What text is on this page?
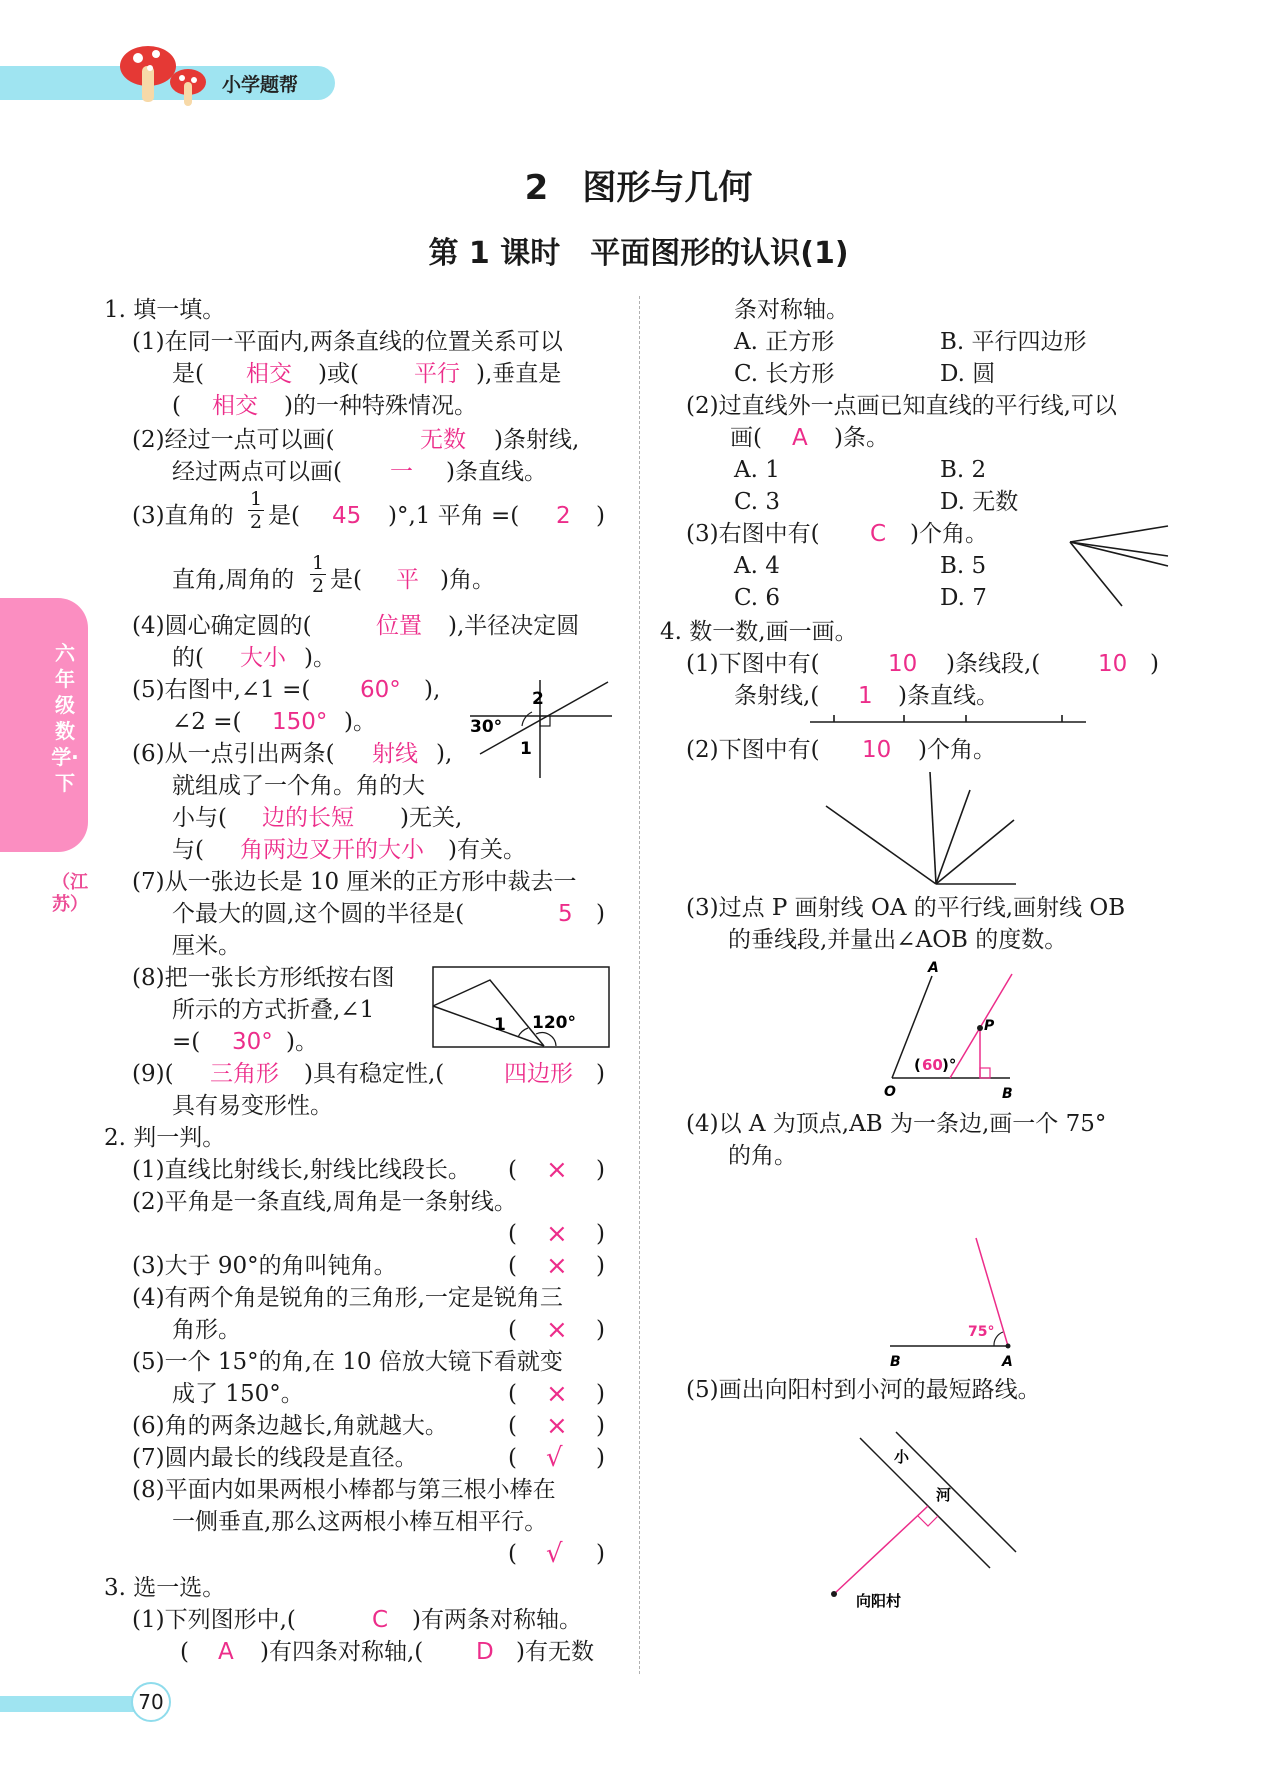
小学题帮
六年级数学·下
（江苏）
2　图形与几何
第 1 课时　平面图形的认识(1)
1. 填一填。
(1)在同一平面内,两条直线的位置关系可以
是( 相交 )或( 平行 ),垂直是
( 相交 )的一种特殊情况。
(2)经过一点可以画(	无数 )条射线,
经过两点可以画( 一 )条直线。
(3)直角的 $\frac{1}{2}$ 是( 45 )°,1 平角 =( 2 )
直角,周角的 $\frac{1}{2}$ 是( 平 )角。
(4)圆心确定圆的(	位置 ),半径决定圆
的( 大小 )。
(5)右图中,∠1 =( 60° ),
∠2 =( 150° )。	30°
1
2
(6)从一点引出两条( 射线 ),
就组成了一个角。角的大
小与( 边的长短 )无关,
与( 角两边叉开的大小 )有关。
(7)从一张边长是 10 厘米的正方形中裁去一
个最大的圆,这个圆的半径是(	5 )
厘米。
(8)把一张长方形纸按右图
所示的方式折叠,∠1
=( 30° )。
1 120°
(9)( 三角形 )具有稳定性,(	四边形 )
具有易变形性。
2. 判一判。
(1)直线比射线长,射线比线段长。 ( × )
(2)平角是一条直线,周角是一条射线。
( × )
(3)大于 90°的角叫钝角。	( × )
(4)有两个角是锐角的三角形,一定是锐角三
角形。	( × )
(5)一个 15°的角,在 10 倍放大镜下看就变
成了 150°。	( × )
(6)角的两条边越长,角就越大。	( × )
(7)圆内最长的线段是直径。	( √ )
(8)平面内如果两根小棒都与第三根小棒在
一侧垂直,那么这两根小棒互相平行。
( √ )
3. 选一选。
(1)下列图形中,(	C )有两条对称轴。
( A )有四条对称轴,( D )有无数
条对称轴。
A. 正方形	B. 平行四边形
C. 长方形	D. 圆
(2)过直线外一点画已知直线的平行线,可以
画( A )条。
A. 1	B. 2
C. 3	D. 无数
(3)右图中有( C )个角。
A. 4	B. 5
C. 6	D. 7
4. 数一数,画一画。
(1)下图中有(	10 )条线段,(	10 )
条射线,( 1 )条直线。
(2)下图中有( 10 )个角。
(3)过点 P 画射线 OA 的平行线,画射线 OB
的垂线段,并量出∠AOB 的度数。
A
P
O	B
( 60 )°
(4)以 A 为顶点,AB 为一条边,画一个 75°
的角。
75°
B	A
(5)画出向阳村到小河的最短路线。
小
河
向阳村
70
